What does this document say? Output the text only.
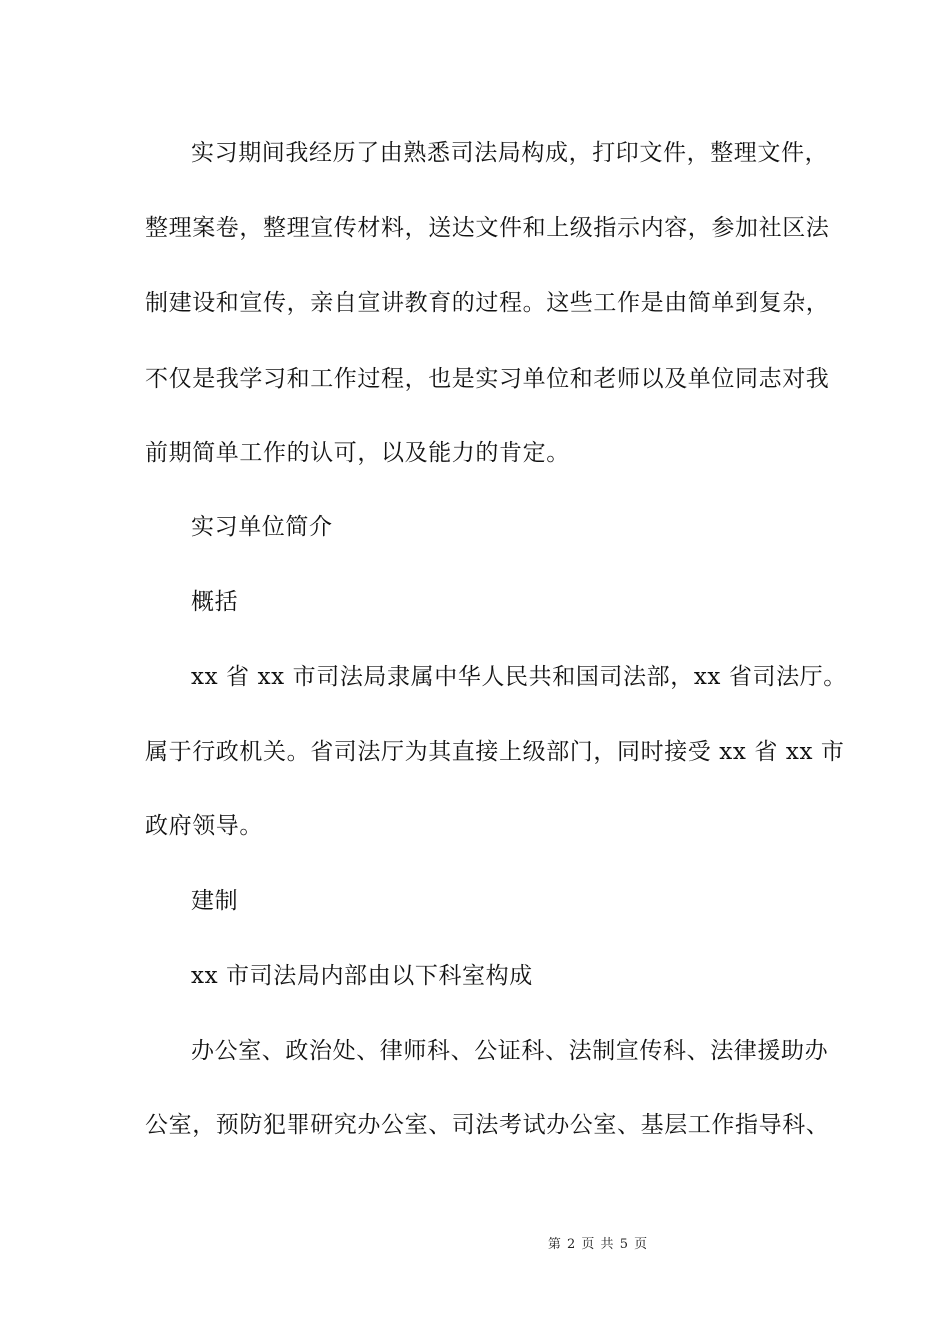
实习期间我经历了由熟悉司法局构成，打印文件，整理文件，
整理案卷，整理宣传材料，送达文件和上级指示内容，参加社区法
制建设和宣传，亲自宣讲教育的过程。这些工作是由简单到复杂，
不仅是我学习和工作过程，也是实习单位和老师以及单位同志对我
前期简单工作的认可，以及能力的肯定。
实习单位简介
概括
xx 省 xx 市司法局隶属中华人民共和国司法部，xx 省司法厅。
属于行政机关。省司法厅为其直接上级部门，同时接受 xx 省 xx 市
政府领导。
建制
xx 市司法局内部由以下科室构成
办公室、政治处、律师科、公证科、法制宣传科、法律援助办
公室，预防犯罪研究办公室、司法考试办公室、基层工作指导科、
第 2 页 共 5 页
